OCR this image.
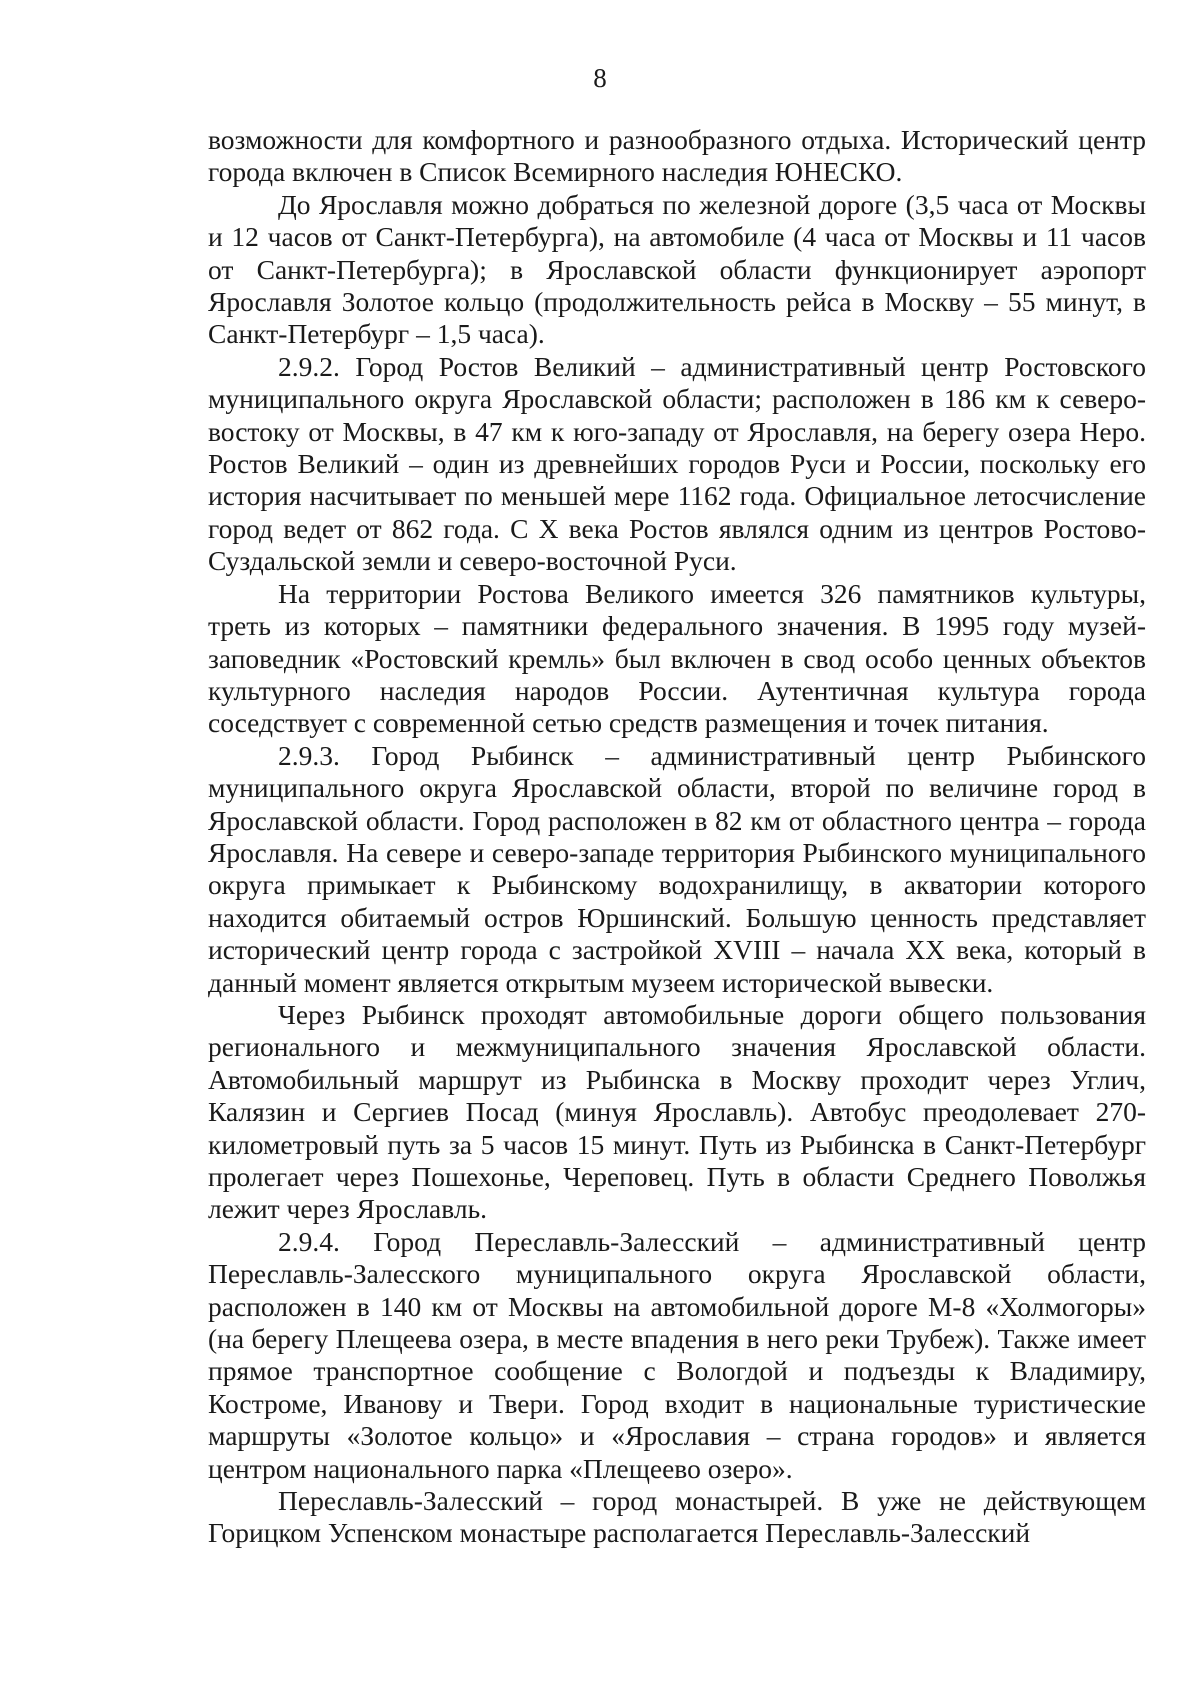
8

возможности для комфортного и разнообразного отдыха. Исторический центр города включен в Список Всемирного наследия ЮНЕСКО.

До Ярославля можно добраться по железной дороге (3,5 часа от Москвы и 12 часов от Санкт-Петербурга), на автомобиле (4 часа от Москвы и 11 часов от Санкт-Петербурга); в Ярославской области функционирует аэропорт Ярославля Золотое кольцо (продолжительность рейса в Москву – 55 минут, в Санкт-Петербург – 1,5 часа).

2.9.2. Город Ростов Великий – административный центр Ростовского муниципального округа Ярославской области; расположен в 186 км к северо-востоку от Москвы, в 47 км к юго-западу от Ярославля, на берегу озера Неро. Ростов Великий – один из древнейших городов Руси и России, поскольку его история насчитывает по меньшей мере 1162 года. Официальное летосчисление город ведет от 862 года. С X века Ростов являлся одним из центров Ростово-Суздальской земли и северо-восточной Руси.

На территории Ростова Великого имеется 326 памятников культуры, треть из которых – памятники федерального значения. В 1995 году музей-заповедник «Ростовский кремль» был включен в свод особо ценных объектов культурного наследия народов России. Аутентичная культура города соседствует с современной сетью средств размещения и точек питания.

2.9.3. Город Рыбинск – административный центр Рыбинского муниципального округа Ярославской области, второй по величине город в Ярославской области. Город расположен в 82 км от областного центра – города Ярославля. На севере и северо-западе территория Рыбинского муниципального округа примыкает к Рыбинскому водохранилищу, в акватории которого находится обитаемый остров Юршинский. Большую ценность представляет исторический центр города с застройкой XVIII – начала XX века, который в данный момент является открытым музеем исторической вывески.

Через Рыбинск проходят автомобильные дороги общего пользования регионального и межмуниципального значения Ярославской области. Автомобильный маршрут из Рыбинска в Москву проходит через Углич, Калязин и Сергиев Посад (минуя Ярославль). Автобус преодолевает 270-километровый путь за 5 часов 15 минут. Путь из Рыбинска в Санкт-Петербург пролегает через Пошехонье, Череповец. Путь в области Среднего Поволжья лежит через Ярославль.

2.9.4. Город Переславль-Залесский – административный центр Переславль-Залесского муниципального округа Ярославской области, расположен в 140 км от Москвы на автомобильной дороге М-8 «Холмогоры» (на берегу Плещеева озера, в месте впадения в него реки Трубеж). Также имеет прямое транспортное сообщение с Вологдой и подъезды к Владимиру, Костроме, Иванову и Твери. Город входит в национальные туристические маршруты «Золотое кольцо» и «Ярославия – страна городов» и является центром национального парка «Плещеево озеро».

Переславль-Залесский – город монастырей. В уже не действующем Горицком Успенском монастыре располагается Переславль-Залесский
